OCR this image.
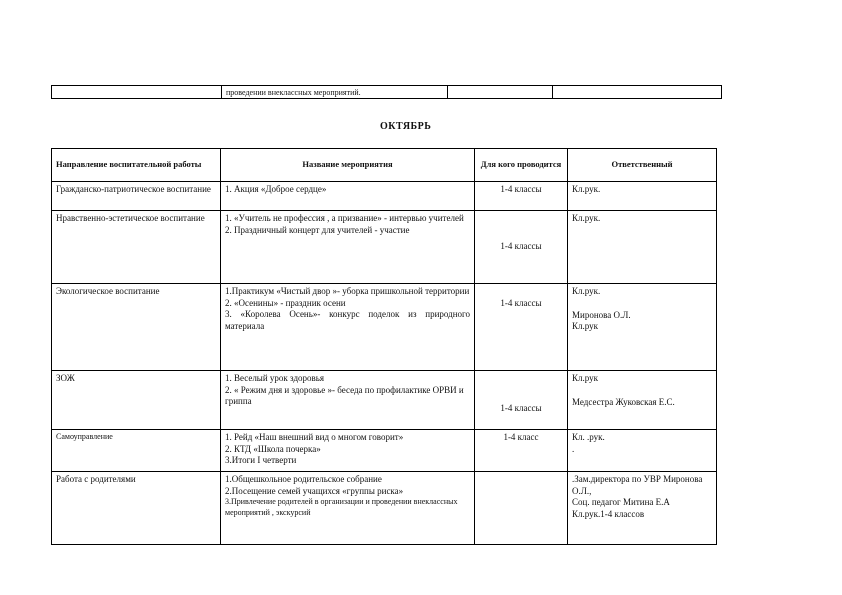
проведении внеклассных мероприятий.
ОКТЯБРЬ
Направление воспитательной работы	Название мероприятия	Для кого проводится	Ответственный
Гражданско-патриотическое воспитание	1. Акция «Доброе сердце»	1-4 классы	Кл.рук.

Нравственно-эстетическое воспитание	1. «Учитель не профессия , а призвание» - интервью учителей
2. Праздничный концерт для учителей - участие	1-4 классы	Кл.рук.

Экологическое воспитание	1.Практикум «Чистый двор »- уборка пришкольной территории
2. «Осенины» - праздник осени
3. «Королева Осень»- конкурс поделок из природного материала	1-4 классы	Кл.рук.
Миронова О.Л.
Кл.рук

ЗОЖ	1. Веселый урок здоровья
2. « Режим дня и здоровье »- беседа по профилактике ОРВИ и гриппа	1-4 классы	Кл.рук
Медсестра Жуковская Е.С.

Самоуправление	1. Рейд «Наш внешний вид о многом говорит»
2. КТД «Школа почерка»
3.Итоги I четверти	1-4 класс	Кл. .рук.
.

Работа с родителями	1.Общешкольное родительское собрание
2.Посещение семей учащихся «группы риска»
3.Привлечение родителей в организации и проведении внеклассных мероприятий , экскурсий		.Зам.директора по УВР Миронова О.Л.,
Соц. педагог Митина Е.А
Кл.рук.1-4 классов
